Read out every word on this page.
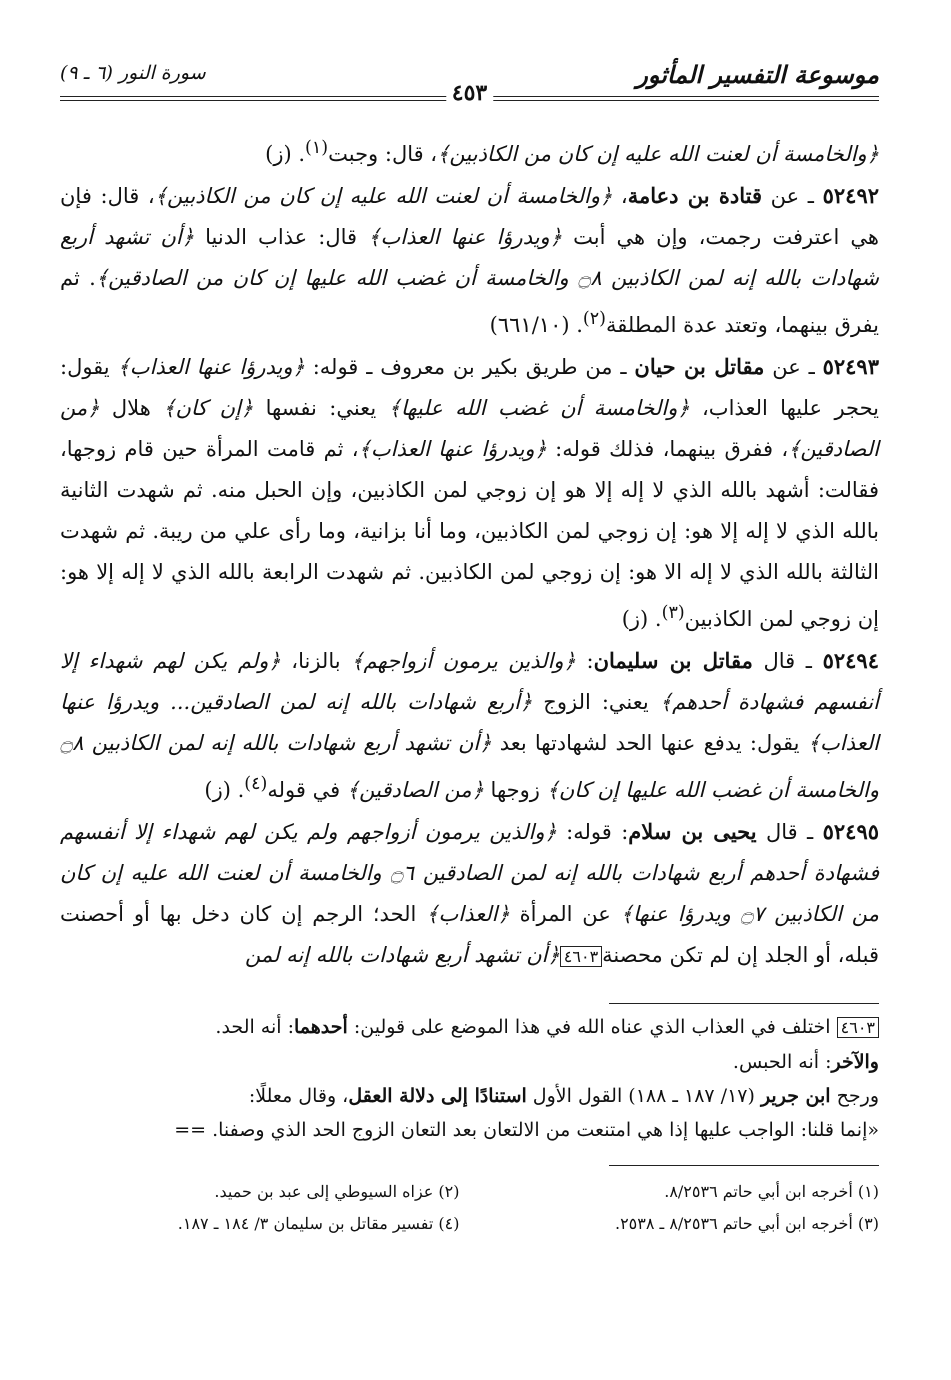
موسوعة التفسير المأثور
سورة النور (٦ ـ ٩)
٤٥٣

﴿والخامسة أن لعنت الله عليه إن كان من الكاذبين﴾، قال: وجبت$^{(١)}$. (ز)

٥٢٤٩٢ ـ عن قتادة بن دعامة، ﴿والخامسة أن لعنت الله عليه إن كان من الكاذبين﴾، قال: فإن هي اعترفت رجمت، وإن هي أبت ﴿ويدرؤا عنها العذاب﴾ قال: عذاب الدنيا ﴿أن تشهد أربع شهادات بالله إنه لمن الكاذبين ۝٨ والخامسة أن غضب الله عليها إن كان من الصادقين﴾. ثم يفرق بينهما، وتعتد عدة المطلقة$^{(٢)}$. (٦٦١/١٠)

٥٢٤٩٣ ـ عن مقاتل بن حيان ـ من طريق بكير بن معروف ـ قوله: ﴿ويدرؤا عنها العذاب﴾ يقول: يحجر عليها العذاب، ﴿والخامسة أن غضب الله عليها﴾ يعني: نفسها ﴿إن كان﴾ هلال ﴿من الصادقين﴾، ففرق بينهما، فذلك قوله: ﴿ويدرؤا عنها العذاب﴾، ثم قامت المرأة حين قام زوجها، فقالت: أشهد بالله الذي لا إله إلا هو إن زوجي لمن الكاذبين، وإن الحبل منه. ثم شهدت الثانية بالله الذي لا إله إلا هو: إن زوجي لمن الكاذبين، وما أنا بزانية، وما رأى علي من ريبة. ثم شهدت الثالثة بالله الذي لا إله الا هو: إن زوجي لمن الكاذبين. ثم شهدت الرابعة بالله الذي لا إله إلا هو: إن زوجي لمن الكاذبين$^{(٣)}$. (ز)

٥٢٤٩٤ ـ قال مقاتل بن سليمان: ﴿والذين يرمون أزواجهم﴾ بالزنا، ﴿ولم يكن لهم شهداء إلا أنفسهم فشهادة أحدهم﴾ يعني: الزوج ﴿أربع شهادات بالله إنه لمن الصادقين... ويدرؤا عنها العذاب﴾ يقول: يدفع عنها الحد لشهادتها بعد ﴿أن تشهد أربع شهادات بالله إنه لمن الكاذبين ۝٨ والخامسة أن غضب الله عليها إن كان﴾ زوجها ﴿من الصادقين﴾ في قوله$^{(٤)}$. (ز)

٥٢٤٩٥ ـ قال يحيى بن سلام: قوله: ﴿والذين يرمون أزواجهم ولم يكن لهم شهداء إلا أنفسهم فشهادة أحدهم أربع شهادات بالله إنه لمن الصادقين ۝٦ والخامسة أن لعنت الله عليه إن كان من الكاذبين ۝٧ ويدرؤا عنها﴾ عن المرأة ﴿العذاب﴾ الحد؛ الرجم إن كان دخل بها أو أحصنت قبله، أو الجلد إن لم تكن محصنة٤٦٠٣﴿أن تشهد أربع شهادات بالله إنه لمن

٤٦٠٣ اختلف في العذاب الذي عناه الله في هذا الموضع على قولين: أحدهما: أنه الحد.

والآخر: أنه الحبس.

ورجح ابن جرير (١٧/ ١٨٧ ـ ١٨٨) القول الأول استنادًا إلى دلالة العقل، وقال معللًا:

«إنما قلنا: الواجب عليها إذا هي امتنعت من الالتعان بعد التعان الزوج الحد الذي وصفنا. ==

(١) أخرجه ابن أبي حاتم ٨/٢٥٣٦.
(٢) عزاه السيوطي إلى عبد بن حميد.
(٣) أخرجه ابن أبي حاتم ٨/٢٥٣٦ ـ ٢٥٣٨.
(٤) تفسير مقاتل بن سليمان ٣/ ١٨٤ ـ ١٨٧.
